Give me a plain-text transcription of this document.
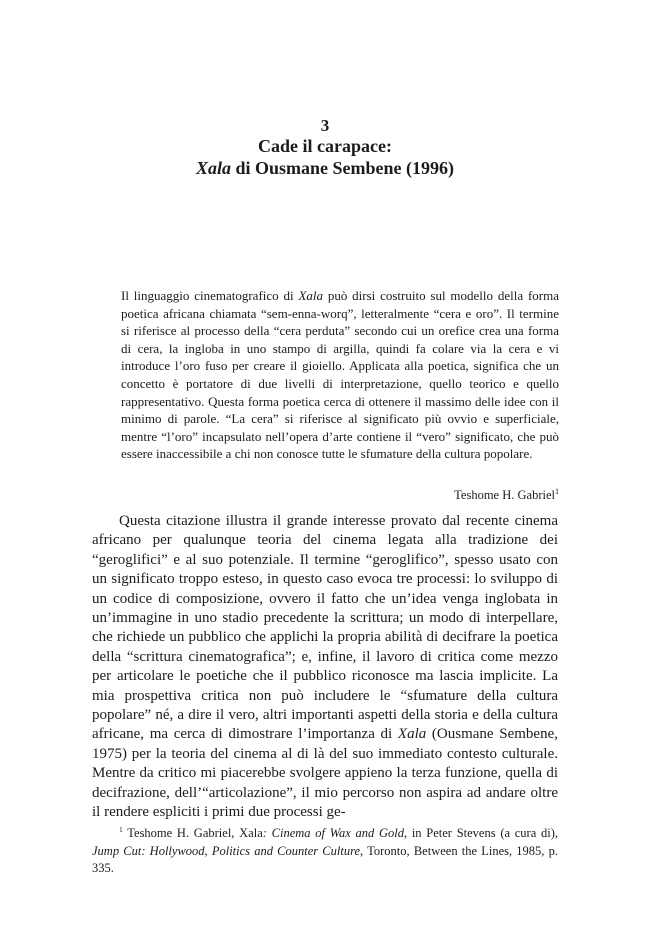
3
Cade il carapace:
Xala di Ousmane Sembene (1996)
Il linguaggio cinematografico di Xala può dirsi costruito sul modello della forma poetica africana chiamata “sem-enna-worq”, letteralmente “cera e oro”. Il termine si riferisce al processo della “cera perduta” secondo cui un orefice crea una forma di cera, la ingloba in uno stampo di argilla, quindi fa colare via la cera e vi introduce l’oro fuso per creare il gioiello. Applicata alla poetica, significa che un concetto è portatore di due livelli di interpretazione, quello teorico e quello rappresentativo. Questa forma poetica cerca di ottenere il massimo delle idee con il minimo di parole. “La cera” si riferisce al significato più ovvio e superficiale, mentre “l’oro” incapsulato nell’opera d’arte contiene il “vero” significato, che può essere inaccessibile a chi non conosce tutte le sfumature della cultura popolare.
Teshome H. Gabriel$^1$

Questa citazione illustra il grande interesse provato dal recente cinema africano per qualunque teoria del cinema legata alla tradizione dei “geroglifici” e al suo potenziale. Il termine “geroglifico”, spesso usato con un significato troppo esteso, in questo caso evoca tre processi: lo sviluppo di un codice di composizione, ovvero il fatto che un’idea venga inglobata in un’immagine in uno stadio precedente la scrittura; un modo di interpellare, che richiede un pubblico che applichi la propria abilità di decifrare la poetica della “scrittura cinematografica”; e, infine, il lavoro di critica come mezzo per articolare le poetiche che il pubblico riconosce ma lascia implicite. La mia prospettiva critica non può includere le “sfumature della cultura popolare” né, a dire il vero, altri importanti aspetti della storia e della cultura africane, ma cerca di dimostrare l’importanza di Xala (Ousmane Sembene, 1975) per la teoria del cinema al di là del suo immediato contesto culturale. Mentre da critico mi piacerebbe svolgere appieno la terza funzione, quella di decifrazione, dell’“articolazione”, il mio percorso non aspira ad andare oltre il rendere espliciti i primi due processi ge-

$^1$ Teshome H. Gabriel, Xala: Cinema of Wax and Gold, in Peter Stevens (a cura di), Jump Cut: Hollywood, Politics and Counter Culture, Toronto, Between the Lines, 1985, p. 335.
